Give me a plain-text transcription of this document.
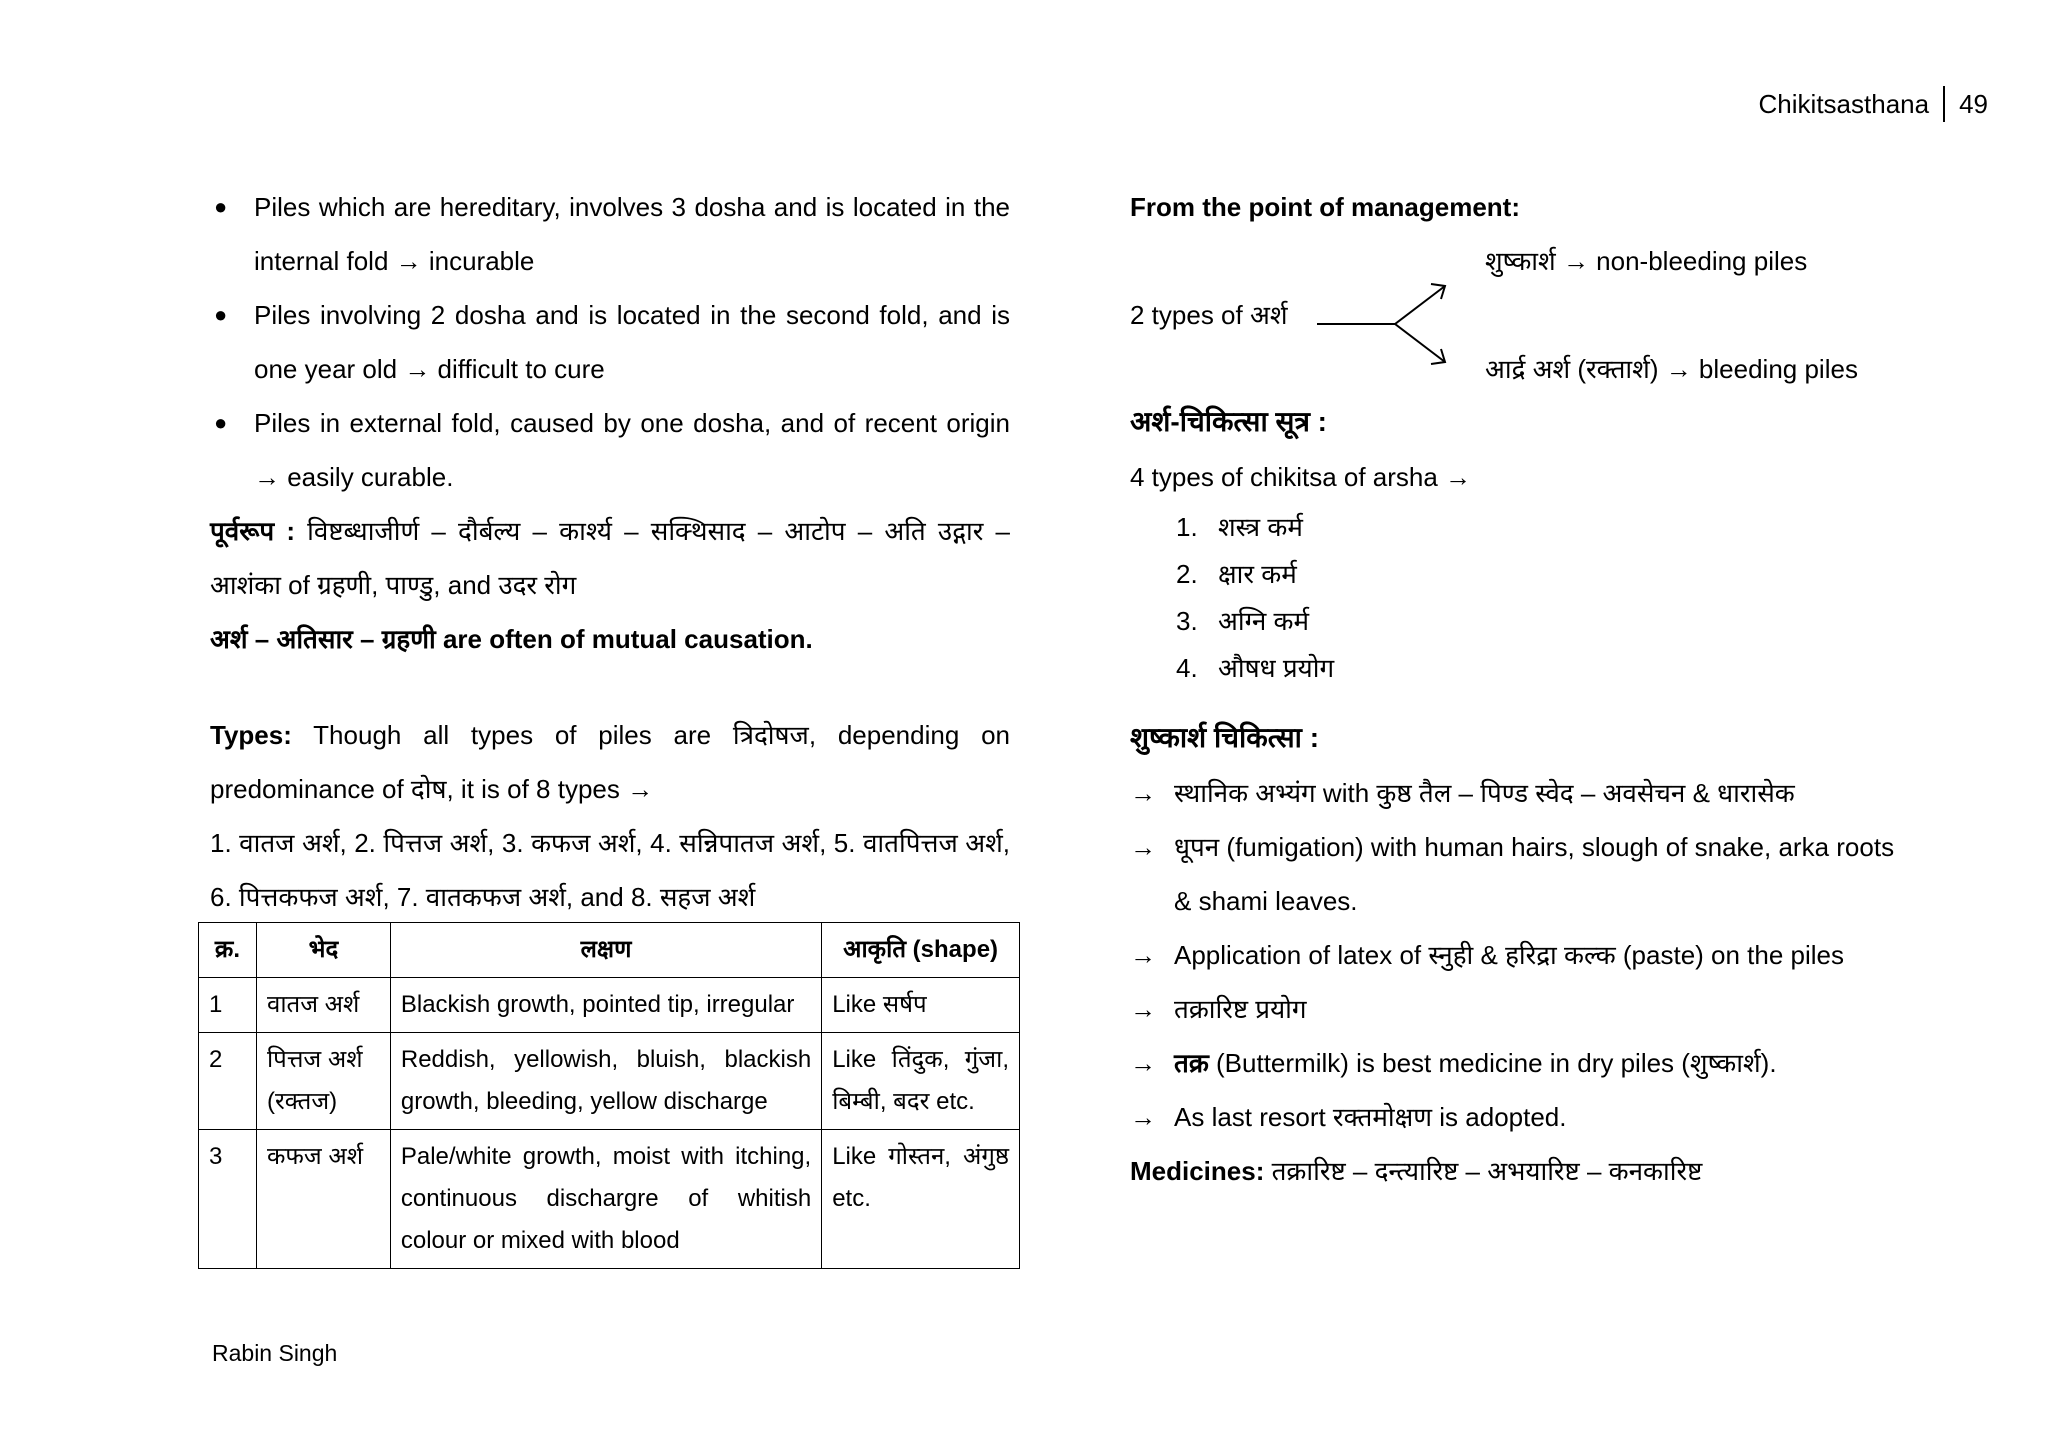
Chikitsasthana 49
● Piles which are hereditary, involves 3 dosha and is located in the internal fold → incurable
● Piles involving 2 dosha and is located in the second fold, and is one year old → difficult to cure
● Piles in external fold, caused by one dosha, and of recent origin → easily curable.
पूर्वरूप : विष्टब्धाजीर्ण – दौर्बल्य – कार्श्य – सक्थिसाद – आटोप – अति उद्गार – आशंका of ग्रहणी, पाण्डु, and उदर रोग
अर्श – अतिसार – ग्रहणी are often of mutual causation.
Types: Though all types of piles are त्रिदोषज, depending on predominance of दोष, it is of 8 types →
1. वातज अर्श, 2. पित्तज अर्श, 3. कफज अर्श, 4. सन्निपातज अर्श, 5. वातपित्तज अर्श, 6. पित्तकफज अर्श, 7. वातकफज अर्श, and 8. सहज अर्श
क्र.	भेद	लक्षण	आकृति (shape)
1	वातज अर्श	Blackish growth, pointed tip, irregular	Like सर्षप
2	पित्तज अर्श (रक्तज)	Reddish, yellowish, bluish, blackish growth, bleeding, yellow discharge	Like तिंदुक, गुंजा, बिम्बी, बदर etc.
3	कफज अर्श	Pale/white growth, moist with itching, continuous dischargre of whitish colour or mixed with blood	Like गोस्तन, अंगुष्ठ etc.
Rabin Singh
From the point of management:
2 types of अर्श
शुष्कार्श → non-bleeding piles
आर्द्र अर्श (रक्तार्श) → bleeding piles
अर्श-चिकित्सा सूत्र :
4 types of chikitsa of arsha →
1. शस्त्र कर्म
2. क्षार कर्म
3. अग्नि कर्म
4. औषध प्रयोग
शुष्कार्श चिकित्सा :
→ स्थानिक अभ्यंग with कुष्ठ तैल – पिण्ड स्वेद – अवसेचन & धारासेक
→ धूपन (fumigation) with human hairs, slough of snake, arka roots
& shami leaves.
→ Application of latex of स्नुही & हरिद्रा कल्क (paste) on the piles
→ तक्रारिष्ट प्रयोग
→ तक्र (Buttermilk) is best medicine in dry piles (शुष्कार्श).
→ As last resort रक्तमोक्षण is adopted.
Medicines: तक्रारिष्ट – दन्त्यारिष्ट – अभयारिष्ट – कनकारिष्ट
